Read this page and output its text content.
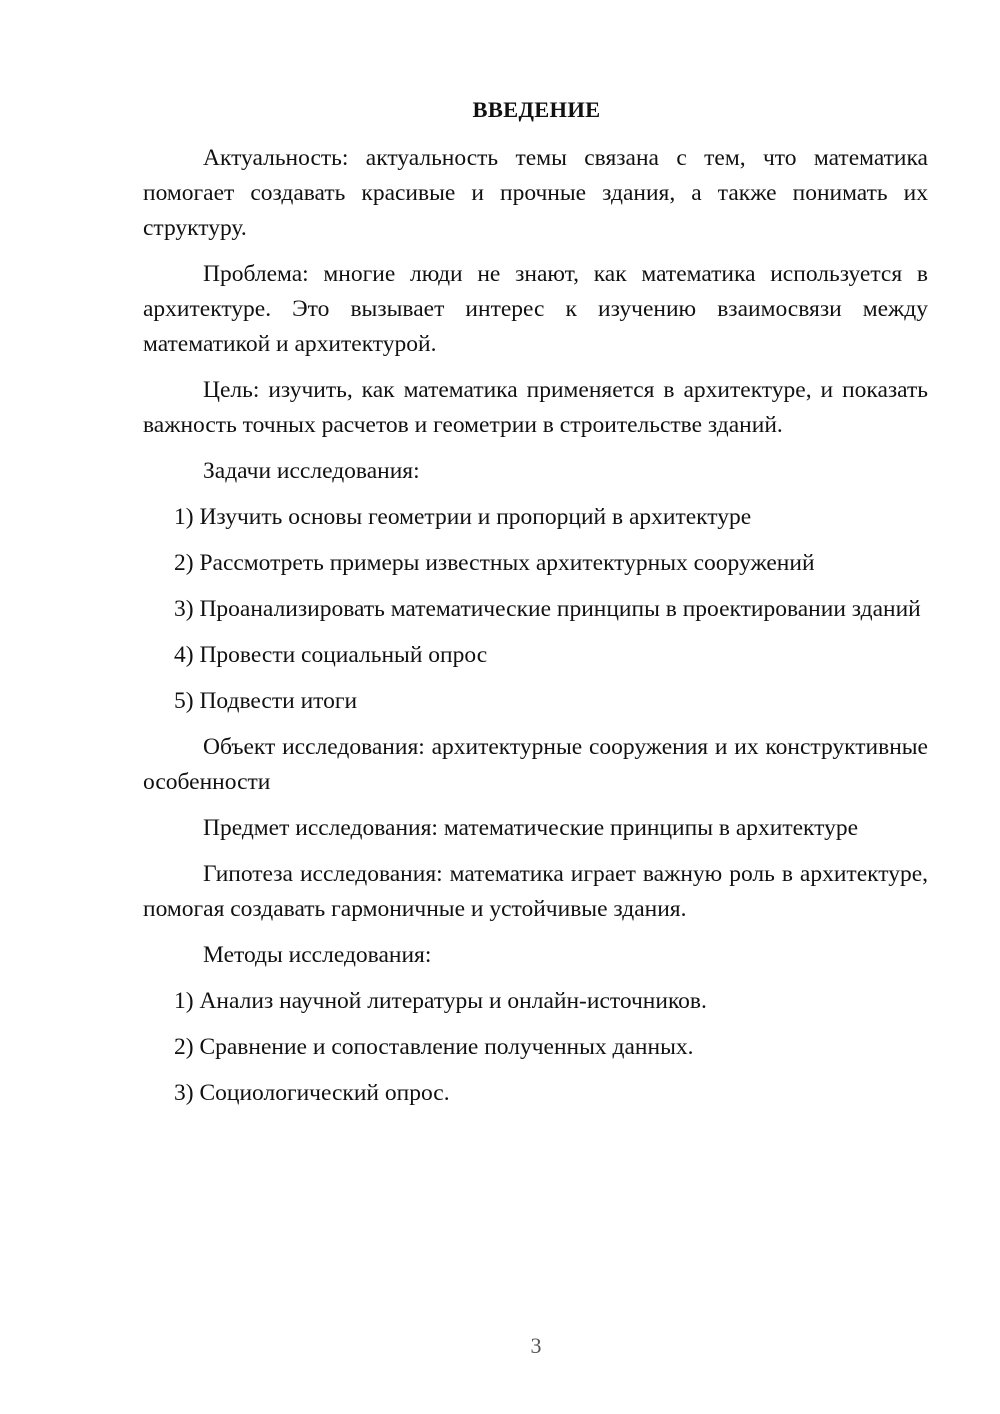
ВВЕДЕНИЕ

Актуальность: актуальность темы связана с тем, что математика помогает создавать красивые и прочные здания, а также понимать их структуру.

Проблема: многие люди не знают, как математика используется в архитектуре. Это вызывает интерес к изучению взаимосвязи между математикой и архитектурой.

Цель: изучить, как математика применяется в архитектуре, и показать важность точных расчетов и геометрии в строительстве зданий.

Задачи исследования:

1) Изучить основы геометрии и пропорций в архитектуре

2) Рассмотреть примеры известных архитектурных сооружений

3) Проанализировать математические принципы в проектировании зданий

4) Провести социальный опрос

5) Подвести итоги

Объект исследования: архитектурные сооружения и их конструктивные особенности

Предмет исследования: математические принципы в архитектуре

Гипотеза исследования: математика играет важную роль в архитектуре, помогая создавать гармоничные и устойчивые здания.

Методы исследования:

1) Анализ научной литературы и онлайн-источников.

2) Сравнение и сопоставление полученных данных.

3) Социологический опрос.

3
